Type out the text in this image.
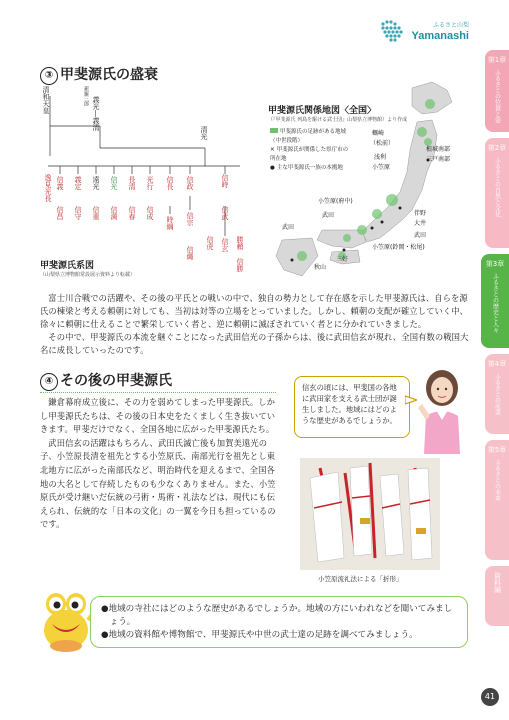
ふるさと山梨
Yamanashi
第1章
ふるさとの位置と姿
第2章
ふるさとの自然と文化
第3章
ふるさとの歴史と人々
第4章
ふるさとの産業
第5章
ふるさとの未来
資料編
③ 甲斐源氏の盛衰
清和天皇	新羅三郎 義光―義清
清光
逸見光長 信義 義定 遠光 信光 長清 光行 信長 信政	信時
時綱 信宗	信武
信成
信春
信満
信重
信守
信昌
信縄
信虎 信玄 勝頼
信勝
甲斐源氏系図
（山梨県立博物館常設展示資料より転載）
甲斐源氏関係地図〈全国〉
（『甲斐源氏 列島を駆ける武士団』山梨県立博物館）より作成
甲斐源氏の足跡がある地域（中世段階）
✕ 甲斐源氏が関係した県庁市の所在地
● 主な甲斐源氏一族の本拠地
蠣崎
（松前）
浅利
根城南部
三戸南部
小笠原
小笠原(府中)
武田	伴野
大井
武田
武田
小笠原(鈴岡・松尾)
三好
秋山
富士川合戦での活躍や、その後の平氏との戦いの中で、独自の勢力として存在感を示した甲斐源氏は、自らを源氏の棟梁と考える頼朝に対しても、当初は対等の立場をとっていました。しかし、頼朝の支配が確立していく中、徐々に頼朝に仕えることで繁栄していく者と、逆に頼朝に滅ぼされていく者とに分かれていきました。
その中で、甲斐源氏の本流を継ぐことになった武田信光の子孫からは、後に武田信玄が現れ、全国有数の戦国大名に成長していったのです。
④ その後の甲斐源氏
鎌倉幕府成立後に、その力を弱めてしまった甲斐源氏。しかし甲斐源氏たちは、その後の日本史をたくましく生き抜いていきます。甲斐だけでなく、全国各地に広がった甲斐源氏たち。
武田信玄の活躍はもちろん、武田氏滅亡後も加賀美遠光の子、小笠原長清を祖先とする小笠原氏、南部光行を祖先とし東北地方に広がった南部氏など、明治時代を迎えるまで、全国各地の大名として存続したものも少なくありません。また、小笠原氏が受け継いだ伝統の弓術・馬術・礼法などは、現代にも伝えられ、伝統的な「日本の文化」の一翼を今日も担っているのです。
信玄の頃には、甲斐国の各地に武田家を支える武士団が誕生しました。地域にはどのような歴史があるでしょうか。
小笠原流礼法による「折形」
●地域の寺社にはどのような歴史があるでしょうか。地域の方にいわれなどを聞いてみましょう。
●地域の資料館や博物館で、甲斐源氏や中世の武士達の足跡を調べてみましょう。
41
